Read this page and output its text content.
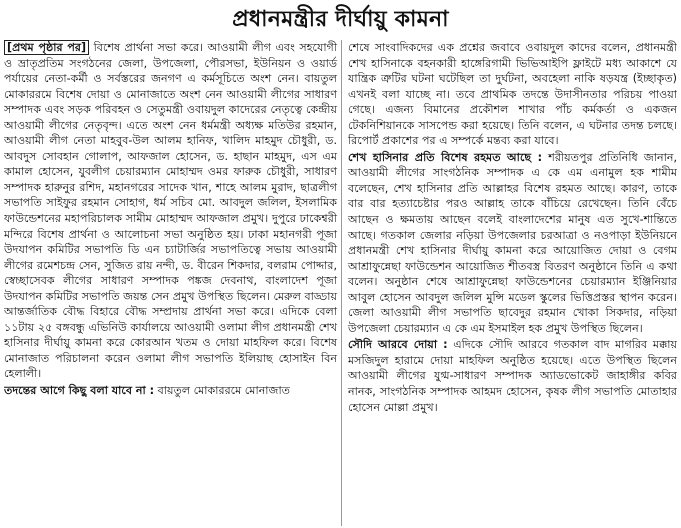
প্রধানমন্ত্রীর দীর্ঘায়ু কামনা

[প্রথম পৃষ্ঠার পর] বিশেষ প্রার্থনা সভা করে। আওয়ামী লীগ এবং সহযোগী ও ভ্রাতৃপ্রতিম সংগঠনের জেলা, উপজেলা, পৌরসভা, ইউনিয়ন ও ওয়ার্ড পর্যায়ের নেতা-কর্মী ও সর্বস্তরের জনগণ এ কর্মসূচিতে অংশ নেন। বায়তুল মোকাররমে বিশেষ দোয়া ও মোনাজাতে অংশ নেন আওয়ামী লীগের সাধারণ সম্পাদক এবং সড়ক পরিবহন ও সেতুমন্ত্রী ওবায়দুল কাদেরের নেতৃত্বে কেন্দ্রীয় আওয়ামী লীগের নেতৃবৃন্দ। এতে অংশ নেন ধর্মমন্ত্রী অধ্যক্ষ মতিউর রহমান, আওয়ামী লীগ নেতা মাহবুব-উল আলম হানিফ, খালিদ মাহমুদ চৌধুরী, ড. আবদুস সোবহান গোলাপ, আফজাল হোসেন, ড. হাছান মাহমুদ, এস এম কামাল হোসেন, যুবলীগ চেয়ারম্যান মোহাম্মদ ওমর ফারুক চৌধুরী, সাধারণ সম্পাদক হারুনুর রশিদ, মহানগরের সাদেক খান, শাহে আলম মুরাদ, ছাত্রলীগ সভাপতি সাইফুর রহমান সোহাগ, ধর্ম সচিব মো. আবদুল জলিল, ইসলামিক ফাউন্ডেশনের মহাপরিচালক সামীম মোহাম্মদ আফজাল প্রমুখ। দুপুরে ঢাকেশ্বরী মন্দিরে বিশেষ প্রার্থনা ও আলোচনা সভা অনুষ্ঠিত হয়। ঢাকা মহানগরী পূজা উদযাপন কমিটির সভাপতি ডি এন চ্যাটার্জির সভাপতিত্বে সভায় আওয়ামী লীগের রমেশচন্দ্র সেন, সুজিত রায় নন্দী, ড. বীরেন শিকদার, বলরাম পোদ্দার, স্বেচ্ছাসেবক লীগের সাধারণ সম্পাদক পঙ্কজ দেবনাথ, বাংলাদেশ পূজা উদযাপন কমিটির সভাপতি জয়ন্ত সেন প্রমুখ উপস্থিত ছিলেন। মেরুল বাড্ডায় আন্তর্জাতিক বৌদ্ধ বিহারে বৌদ্ধ সম্প্রদায় প্রার্থনা সভা করে। এদিকে বেলা ১১টায় ২৫ বঙ্গবন্ধু এভিনিউ কার্যালয়ে আওয়ামী ওলামা লীগ প্রধানমন্ত্রী শেখ হাসিনার দীর্ঘায়ু কামনা করে কোরআন খতম ও দোয়া মাহফিল করে। বিশেষ মোনাজাত পরিচালনা করেন ওলামা লীগ সভাপতি ইলিয়াছ হোসাইন বিন হেলালী।

তদন্তের আগে কিছু বলা যাবে না : বায়তুল মোকাররমে মোনাজাত

শেষে সাংবাদিকদের এক প্রশ্নের জবাবে ওবায়দুল কাদের বলেন, প্রধানমন্ত্রী শেখ হাসিনাকে বহনকারী হাঙ্গেরিগামী ভিভিআইপি ফ্লাইটে মধ্য আকাশে যে যান্ত্রিক ত্রুটির ঘটনা ঘটেছিল তা দুর্ঘটনা, অবহেলা নাকি ষড়যন্ত্র (ইচ্ছাকৃত) এখনই বলা যাচ্ছে না। তবে প্রাথমিক তদন্তে উদাসীনতার পরিচয় পাওয়া গেছে। এজন্য বিমানের প্রকৌশল শাখার পাঁচ কর্মকর্তা ও একজন টেকনিশিয়ানকে সাসপেন্ড করা হয়েছে। তিনি বলেন, এ ঘটনার তদন্ত চলছে। রিপোর্ট প্রকাশের পর এ সম্পর্কে মন্তব্য করা যাবে।

শেখ হাসিনার প্রতি বিশেষ রহমত আছে : শরীয়তপুর প্রতিনিধি জানান, আওয়ামী লীগের সাংগঠনিক সম্পাদক এ কে এম এনামুল হক শামীম বলেছেন, শেখ হাসিনার প্রতি আল্লাহর বিশেষ রহমত আছে। কারণ, তাকে বার বার হত্যাচেষ্টার পরও আল্লাহ তাকে বাঁচিয়ে রেখেছেন। তিনি বেঁচে আছেন ও ক্ষমতায় আছেন বলেই বাংলাদেশের মানুষ এত সুখে-শান্তিতে আছে। গতকাল জেলার নড়িয়া উপজেলার চরআত্রা ও নওপাড়া ইউনিয়নে প্রধানমন্ত্রী শেখ হাসিনার দীর্ঘায়ু কামনা করে আয়োজিত দোয়া ও বেগম আশ্রাফুন্নেছা ফাউন্ডেশন আয়োজিত শীতবস্ত্র বিতরণ অনুষ্ঠানে তিনি এ কথা বলেন। অনুষ্ঠান শেষে আশ্রাফুন্নেছা ফাউন্ডেশনের চেয়ারম্যান ইঞ্জিনিয়ার আবুল হোসেন আবদুল জলিল মুন্সি মডেল স্কুলের ভিত্তিপ্রস্তর স্থাপন করেন। জেলা আওয়ামী লীগ সভাপতি ছাবেদুর রহমান খোকা সিকদার, নড়িয়া উপজেলা চেয়ারম্যান এ কে এম ইসমাইল হক প্রমুখ উপস্থিত ছিলেন।

সৌদি আরবে দোয়া : এদিকে সৌদি আরবে গতকাল বাদ মাগরিব মক্কায় মসজিদুল হারামে দোয়া মাহফিল অনুষ্ঠিত হয়েছে। এতে উপস্থিত ছিলেন আওয়ামী লীগের যুগ্ম-সাধারণ সম্পাদক অ্যাডভোকেট জাহাঙ্গীর কবির নানক, সাংগঠনিক সম্পাদক আহমদ হোসেন, কৃষক লীগ সভাপতি মোতাহার হোসেন মোল্লা প্রমুখ।
